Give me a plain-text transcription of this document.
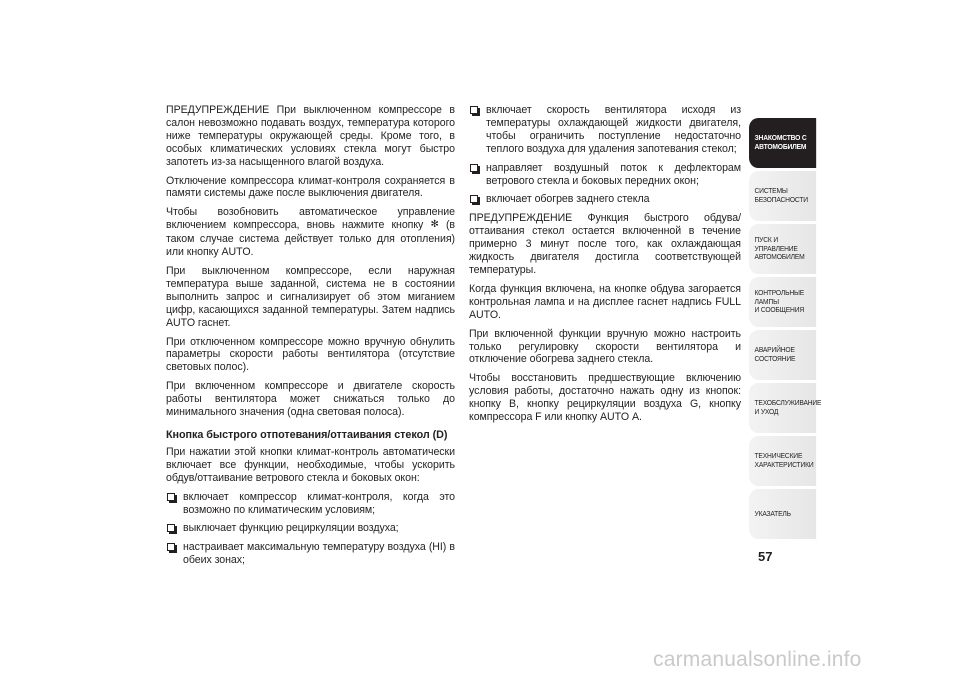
ПРЕДУПРЕЖДЕНИЕ При выключенном компрессоре в салон невозможно подавать воздух, температура которого ниже температуры окружающей среды. Кроме того, в особых климатических условиях стекла могут быстро запотеть из-за насыщенного влагой воздуха.

Отключение компрессора климат-контроля сохраняется в памяти системы даже после выключения двигателя.

Чтобы возобновить автоматическое управление включением компрессора, вновь нажмите кнопку ✻ (в таком случае система действует только для отопления) или кнопку AUTO.

При выключенном компрессоре, если наружная температура выше заданной, система не в состоянии выполнить запрос и сигнализирует об этом миганием цифр, касающихся заданной температуры. Затем надпись AUTO гаснет.

При отключенном компрессоре можно вручную обнулить параметры скорости работы вентилятора (отсутствие световых полос).

При включенном компрессоре и двигателе скорость работы вентилятора может снижаться только до минимального значения (одна световая полоса).

Кнопка быстрого отпотевания/оттаивания стекол (D)

При нажатии этой кнопки климат-контроль автоматически включает все функции, необходимые, чтобы ускорить обдув/оттаивание ветрового стекла и боковых окон:

включает компрессор климат-контроля, когда это возможно по климатическим условиям;
выключает функцию рециркуляции воздуха;
настраивает максимальную температуру воздуха (HI) в обеих зонах;
включает скорость вентилятора исходя из температуры охлаждающей жидкости двигателя, чтобы ограничить поступление недостаточно теплого воздуха для удаления запотевания стекол;
направляет воздушный поток к дефлекторам ветрового стекла и боковых передних окон;
включает обогрев заднего стекла

ПРЕДУПРЕЖДЕНИЕ Функция быстрого обдува/оттаивания стекол остается включенной в течение примерно 3 минут после того, как охлаждающая жидкость двигателя достигла соответствующей температуры.

Когда функция включена, на кнопке обдува загорается контрольная лампа и на дисплее гаснет надпись FULL AUTO.

При включенной функции вручную можно настроить только регулировку скорости вентилятора и отключение обогрева заднего стекла.

Чтобы восстановить предшествующие включению условия работы, достаточно нажать одну из кнопок: кнопку В, кнопку рециркуляции воздуха G, кнопку компрессора F или кнопку AUTO А.

ЗНАКОМСТВО С
АВТОМОБИЛЕМ
СИСТЕМЫ
БЕЗОПАСНОСТИ
ПУСК И УПРАВЛЕНИЕ
АВТОМОБИЛЕМ
КОНТРОЛЬНЫЕ
ЛАМПЫ
И СООБЩЕНИЯ
АВАРИЙНОЕ
СОСТОЯНИЕ
ТЕХОБСЛУЖИВАНИЕ
И УХОД
ТЕХНИЧЕСКИЕ
ХАРАКТЕРИСТИКИ
УКАЗАТЕЛЬ
57
carmanualsonline.info
